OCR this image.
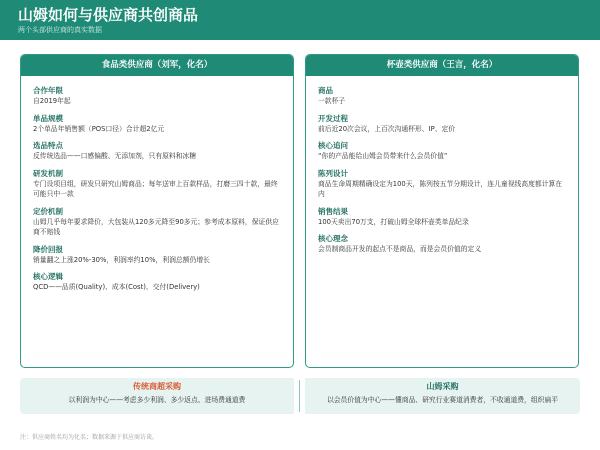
山姆如何与供应商共创商品
两个头部供应商的真实数据
食品类供应商（刘军，化名）
合作年限
自2019年起
单品规模
2个单品年销售额（POS口径）合计超2亿元
选品特点
反传统选品——口感偏酸、无添加剂，只有原料和冰糖
研发机制
专门设项目组，研发只研究山姆商品；每年送审上百款样品，打磨三四十款，最终可能只中一款
定价机制
山姆几乎每年要求降价，大包装从120多元降至90多元；参考成本原料，保证供应商不赔钱
降价回报
销量翻之上涨20%-30%，利润率约10%，利润总额仍增长
核心逻辑
QCD——品质(Quality)、成本(Cost)、交付(Delivery)
杯壶类供应商（王言，化名）
商品
一款杯子
开发过程
前后近20次会议，上百次沟通杯形、IP、定价
核心追问
“你的产品能给山姆会员带来什么会员价值”
陈列设计
商品生命周期精确设定为100天，陈列按五节分期设计，连儿童视线高度都计算在内
销售结果
100天卖出70万支，打破山姆全球杯壶类单品纪录
核心理念
会员制商品开发的起点不是商品，而是会员价值的定义
传统商超采购
以利润为中心——考虑多少利润、多少返点、进场费通道费
山姆采购
以会员价值为中心——懂商品、研究行业赛道消费者，不收通道费，组织扁平
注：供应商姓名均为化名；数据来源于供应商访谈。
